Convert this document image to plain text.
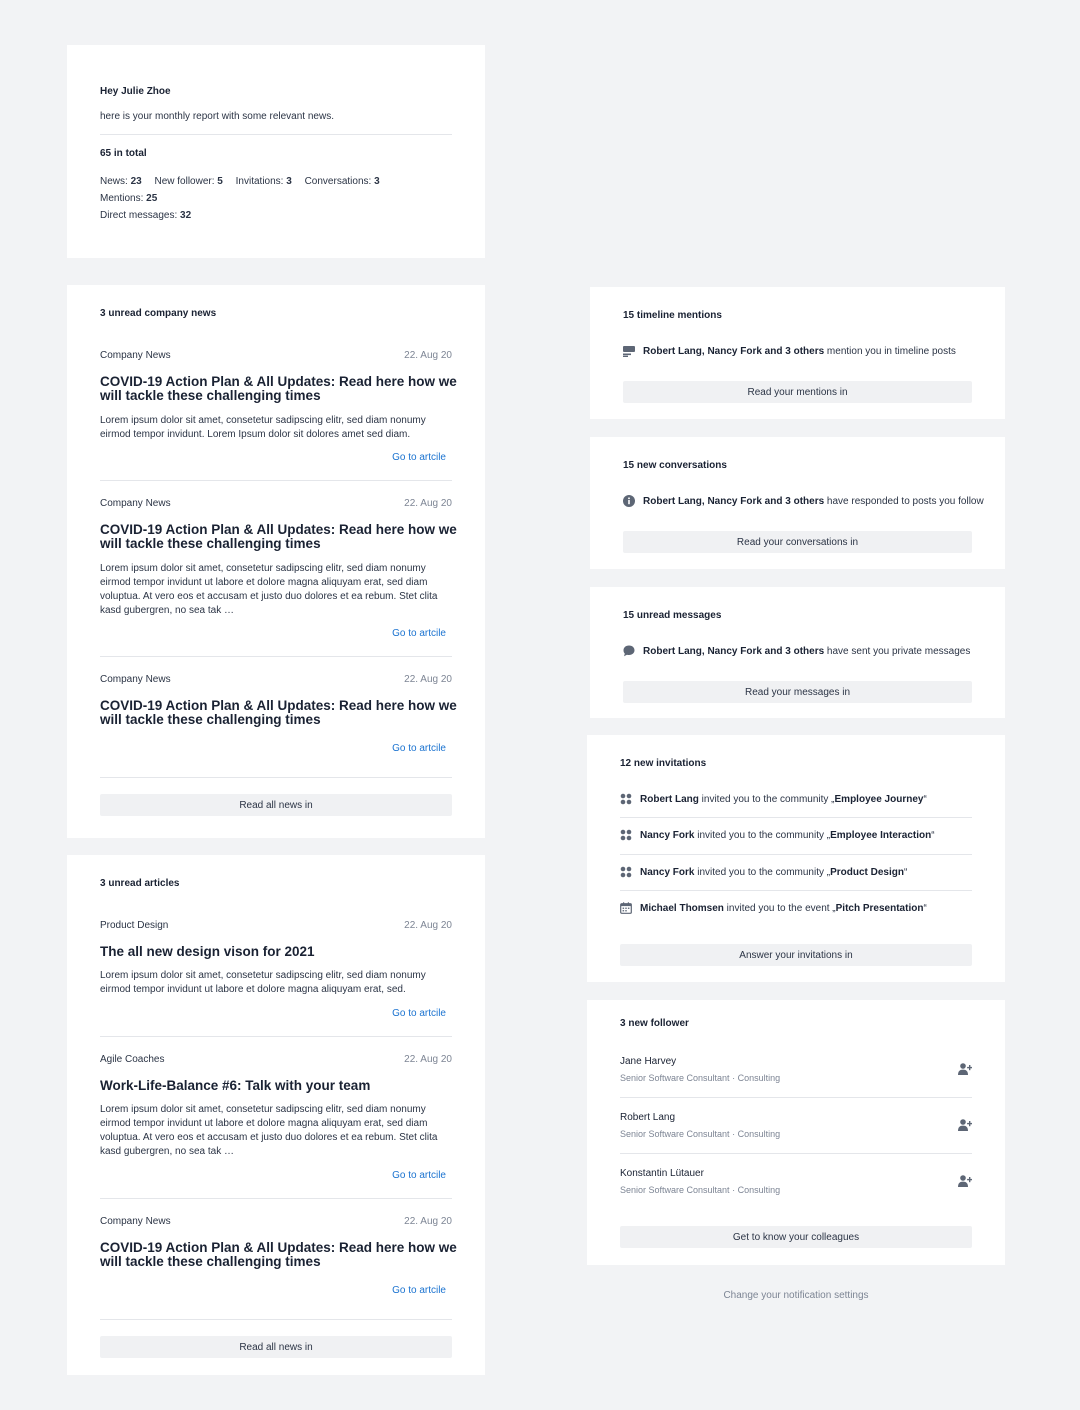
Hey Julie Zhoe
here is your monthly report with some relevant news.
65 in total
News: 23 New follower: 5 Invitations: 3 Conversations: 3 Mentions: 25
Direct messages: 32
3 unread company news
Company News	22. Aug 20
COVID-19 Action Plan & All Updates: Read here how we will tackle these challenging times
Lorem ipsum dolor sit amet, consetetur sadipscing elitr, sed diam nonumy eirmod tempor invidunt. Lorem Ipsum dolor sit dolores amet sed diam.
Go to artcile
Company News	22. Aug 20
COVID-19 Action Plan & All Updates: Read here how we will tackle these challenging times
Lorem ipsum dolor sit amet, consetetur sadipscing elitr, sed diam nonumy eirmod tempor invidunt ut labore et dolore magna aliquyam erat, sed diam voluptua. At vero eos et accusam et justo duo dolores et ea rebum. Stet clita kasd gubergren, no sea tak …
Go to artcile
Company News	22. Aug 20
COVID-19 Action Plan & All Updates: Read here how we will tackle these challenging times
Go to artcile
Read all news in
3 unread articles
Product Design	22. Aug 20
The all new design vison for 2021
Lorem ipsum dolor sit amet, consetetur sadipscing elitr, sed diam nonumy eirmod tempor invidunt ut labore et dolore magna aliquyam erat, sed.
Go to artcile
Agile Coaches	22. Aug 20
Work-Life-Balance #6: Talk with your team
Lorem ipsum dolor sit amet, consetetur sadipscing elitr, sed diam nonumy eirmod tempor invidunt ut labore et dolore magna aliquyam erat, sed diam voluptua. At vero eos et accusam et justo duo dolores et ea rebum. Stet clita kasd gubergren, no sea tak …
Go to artcile
Company News	22. Aug 20
COVID-19 Action Plan & All Updates: Read here how we will tackle these challenging times
Go to artcile
Read all news in
15 timeline mentions
Robert Lang, Nancy Fork and 3 others mention you in timeline posts
Read your mentions in
15 new conversations
Robert Lang, Nancy Fork and 3 others have responded to posts you follow
Read your conversations in
15 unread messages
Robert Lang, Nancy Fork and 3 others have sent you private messages
Read your messages in
12 new invitations
Robert Lang invited you to the community „ Employee Journey “
Nancy Fork invited you to the community „ Employee Interaction “
Nancy Fork invited you to the community „ Product Design “
Michael Thomsen invited you to the event „ Pitch Presentation “
Answer your invitations in
3 new follower
Jane Harvey
Senior Software Consultant · Consulting
Robert Lang
Senior Software Consultant · Consulting
Konstantin Lütauer
Senior Software Consultant · Consulting
Get to know your colleagues
Change your notification settings
